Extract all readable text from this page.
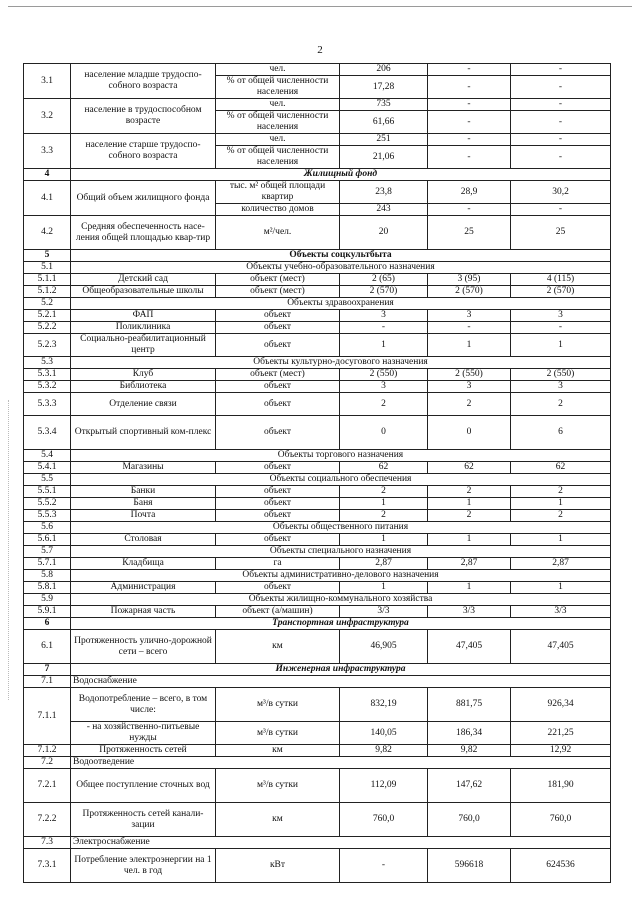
2
3.1	население младше трудоспо-собного возраста	чел.	206	-	-
		% от общей численности населения	17,28	-	-
3.2	население в трудоспособном возрасте	чел.	735	-	-
		% от общей численности населения	61,66	-	-
3.3	население старше трудоспо-собного возраста	чел.	251	-	-
		% от общей численности населения	21,06	-	-
4	Жилищный фонд				
4.1	Общий объем жилищного фонда	тыс. м² общей площади квартир	23,8	28,9	30,2
		количество домов	243	-	-
4.2	Средняя обеспеченность насе-ления общей площадью квар-тир	м²/чел.	20	25	25
5	Объекты соцкультбыта				
5.1	Объекты учебно-образовательного назначения				
5.1.1	Детский сад	объект (мест)	2 (65)	3 (95)	4 (115)
5.1.2	Общеобразовательные школы	объект (мест)	2 (570)	2 (570)	2 (570)
5.2	Объекты здравоохранения				
5.2.1	ФАП	объект	3	3	3
5.2.2	Поликлиника	объект	-	-	-
5.2.3	Социально-реабилитационный центр	объект	1	1	1
5.3	Объекты культурно-досугового назначения				
5.3.1	Клуб	объект (мест)	2 (550)	2 (550)	2 (550)
5.3.2	Библиотека	объект	3	3	3
5.3.3	Отделение связи	объект	2	2	2
5.3.4	Открытый спортивный ком-плекс	объект	0	0	6
5.4	Объекты торгового назначения				
5.4.1	Магазины	объект	62	62	62
5.5	Объекты социального обеспечения				
5.5.1	Банки	объект	2	2	2
5.5.2	Баня	объект	1	1	1
5.5.3	Почта	объект	2	2	2
5.6	Объекты общественного питания				
5.6.1	Столовая	объект	1	1	1
5.7	Объекты специального назначения				
5.7.1	Кладбища	га	2,87	2,87	2,87
5.8	Объекты административно-делового назначения				
5.8.1	Администрация	объект	1	1	1
5.9	Объекты жилищно-коммунального хозяйства				
5.9.1	Пожарная часть	объект (а/машин)	3/3	3/3	3/3
6	Транспортная инфраструктура				
6.1	Протяженность улично-дорожной сети – всего	км	46,905	47,405	47,405
7	Инженерная инфраструктура				
7.1	Водоснабжение				
7.1.1	Водопотребление – всего, в том числе:	м³/в сутки	832,19	881,75	926,34
	- на хозяйственно-питьевые нужды	м³/в сутки	140,05	186,34	221,25
7.1.2	Протяженность сетей	км	9,82	9,82	12,92
7.2	Водоотведение				
7.2.1	Общее поступление сточных вод	м³/в сутки	112,09	147,62	181,90
7.2.2	Протяженность сетей канали-зации	км	760,0	760,0	760,0
7.3	Электроснабжение				
7.3.1	Потребление электроэнергии на 1 чел. в год	кВт	-	596618	624536
